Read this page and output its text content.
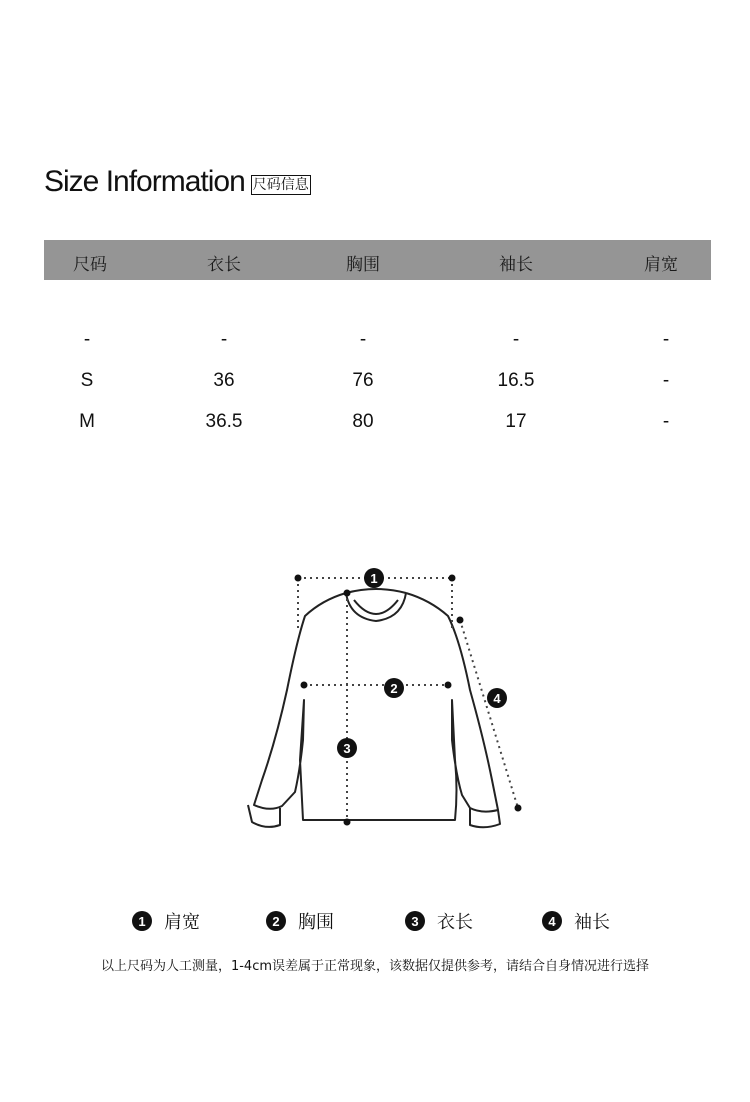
Size Information 尺码信息
尺码	衣长	胸围	袖长	肩宽
-	-	-	-	-
S	36	76	16.5	-
M	36.5	80	17	-
1
2
3
4
1	肩宽	2	胸围	3	衣长	4	袖长
以上尺码为人工测量，1-4cm误差属于正常现象，该数据仅提供参考，请结合自身情况进行选择
